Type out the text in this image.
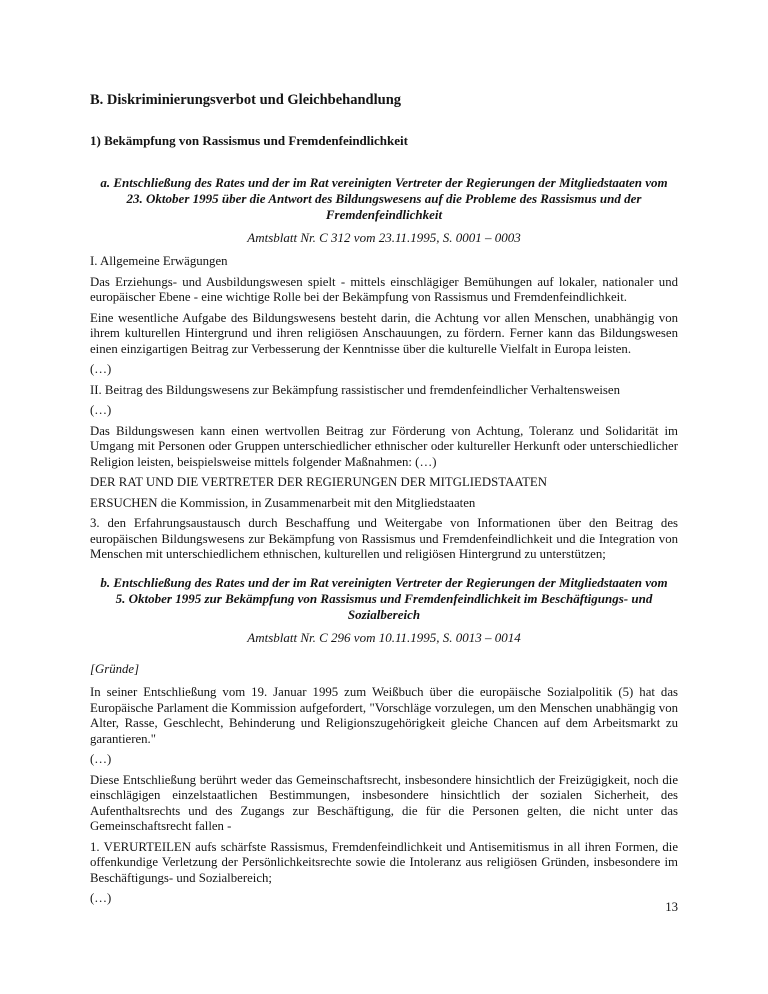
B. Diskriminierungsverbot und Gleichbehandlung
1) Bekämpfung von Rassismus und Fremdenfeindlichkeit

a. Entschließung des Rates und der im Rat vereinigten Vertreter der Regierungen der Mitgliedstaaten vom 23. Oktober 1995 über die Antwort des Bildungswesens auf die Probleme des Rassismus und der Fremdenfeindlichkeit

Amtsblatt Nr. C 312 vom 23.11.1995, S. 0001 – 0003

I. Allgemeine Erwägungen

Das Erziehungs- und Ausbildungswesen spielt - mittels einschlägiger Bemühungen auf lokaler, nationaler und europäischer Ebene - eine wichtige Rolle bei der Bekämpfung von Rassismus und Fremdenfeindlichkeit.

Eine wesentliche Aufgabe des Bildungswesens besteht darin, die Achtung vor allen Menschen, unabhängig von ihrem kulturellen Hintergrund und ihren religiösen Anschauungen, zu fördern. Ferner kann das Bildungswesen einen einzigartigen Beitrag zur Verbesserung der Kenntnisse über die kulturelle Vielfalt in Europa leisten.

(…)

II. Beitrag des Bildungswesens zur Bekämpfung rassistischer und fremdenfeindlicher Verhaltensweisen

(…)

Das Bildungswesen kann einen wertvollen Beitrag zur Förderung von Achtung, Toleranz und Solidarität im Umgang mit Personen oder Gruppen unterschiedlicher ethnischer oder kultureller Herkunft oder unterschiedlicher Religion leisten, beispielsweise mittels folgender Maßnahmen: (…)

DER RAT UND DIE VERTRETER DER REGIERUNGEN DER MITGLIEDSTAATEN

ERSUCHEN die Kommission, in Zusammenarbeit mit den Mitgliedstaaten

3. den Erfahrungsaustausch durch Beschaffung und Weitergabe von Informationen über den Beitrag des europäischen Bildungswesens zur Bekämpfung von Rassismus und Fremdenfeindlichkeit und die Integration von Menschen mit unterschiedlichem ethnischen, kulturellen und religiösen Hintergrund zu unterstützen;

b. Entschließung des Rates und der im Rat vereinigten Vertreter der Regierungen der Mitgliedstaaten vom 5. Oktober 1995 zur Bekämpfung von Rassismus und Fremdenfeindlichkeit im Beschäftigungs- und Sozialbereich

Amtsblatt Nr. C 296 vom 10.11.1995, S. 0013 – 0014

[Gründe]

In seiner Entschließung vom 19. Januar 1995 zum Weißbuch über die europäische Sozialpolitik (5) hat das Europäische Parlament die Kommission aufgefordert, "Vorschläge vorzulegen, um den Menschen unabhängig von Alter, Rasse, Geschlecht, Behinderung und Religionszugehörigkeit gleiche Chancen auf dem Arbeitsmarkt zu garantieren."

(…)

Diese Entschließung berührt weder das Gemeinschaftsrecht, insbesondere hinsichtlich der Freizügigkeit, noch die einschlägigen einzelstaatlichen Bestimmungen, insbesondere hinsichtlich der sozialen Sicherheit, des Aufenthaltsrechts und des Zugangs zur Beschäftigung, die für die Personen gelten, die nicht unter das Gemeinschaftsrecht fallen -

1. VERURTEILEN aufs schärfste Rassismus, Fremdenfeindlichkeit und Antisemitismus in all ihren Formen, die offenkundige Verletzung der Persönlichkeitsrechte sowie die Intoleranz aus religiösen Gründen, insbesondere im Beschäftigungs- und Sozialbereich;

(…)

13
